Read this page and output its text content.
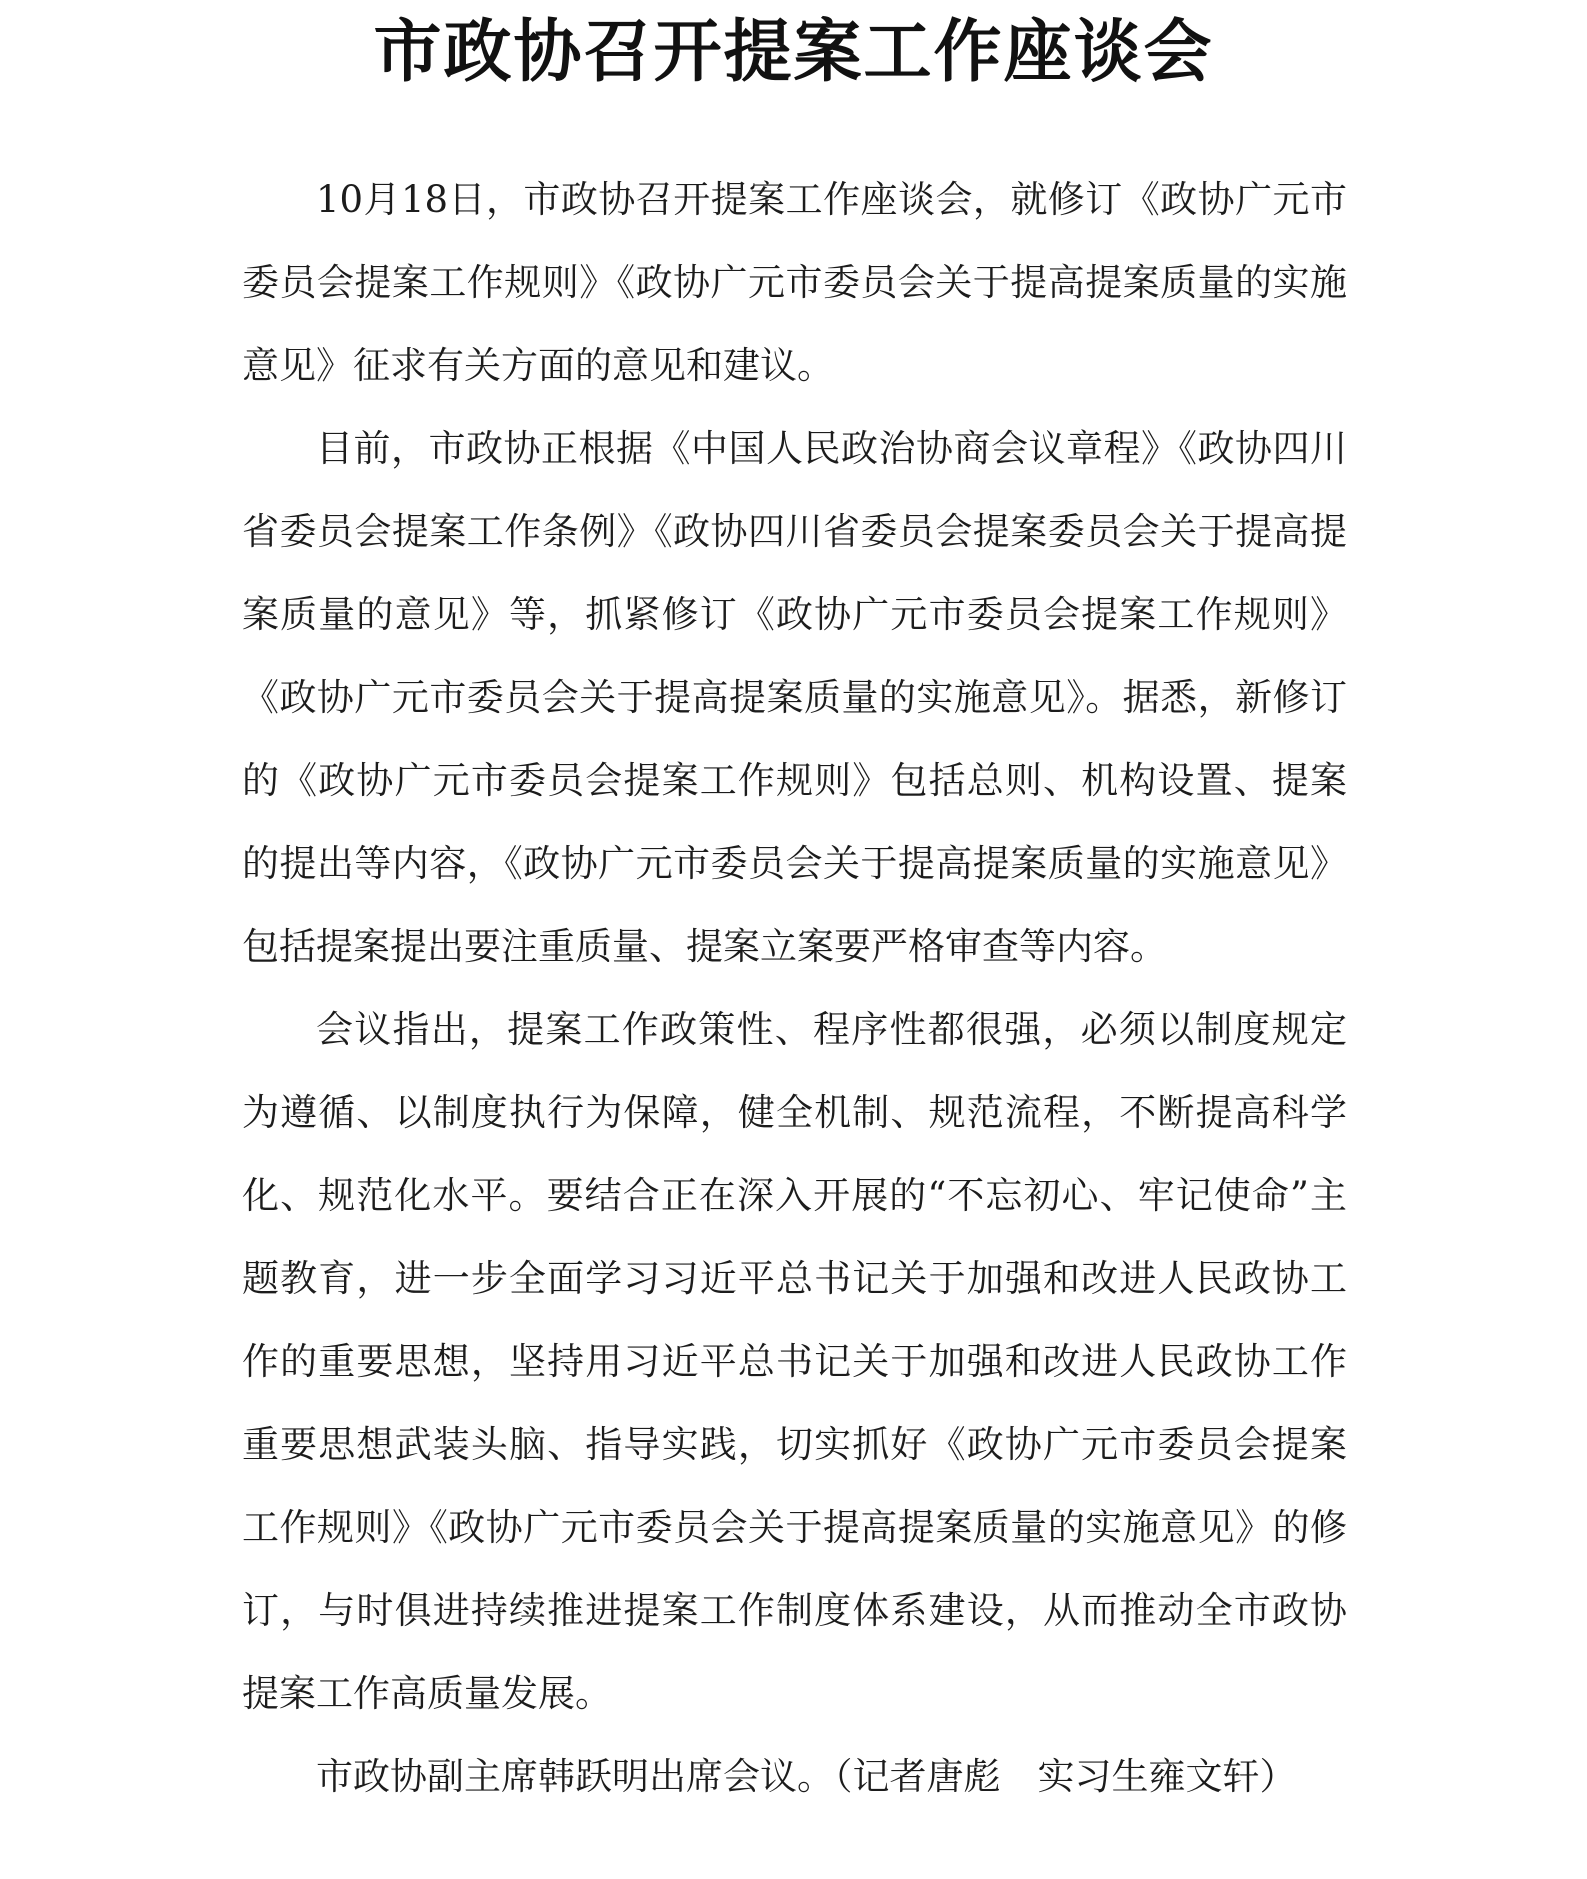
市政协召开提案工作座谈会

10月18日，市政协召开提案工作座谈会，就修订《政协广元市委员会提案工作规则》《政协广元市委员会关于提高提案质量的实施意见》征求有关方面的意见和建议。

目前，市政协正根据《中国人民政治协商会议章程》《政协四川省委员会提案工作条例》《政协四川省委员会提案委员会关于提高提案质量的意见》等，抓紧修订《政协广元市委员会提案工作规则》《政协广元市委员会关于提高提案质量的实施意见》。据悉，新修订的《政协广元市委员会提案工作规则》包括总则、机构设置、提案的提出等内容，《政协广元市委员会关于提高提案质量的实施意见》包括提案提出要注重质量、提案立案要严格审查等内容。

会议指出，提案工作政策性、程序性都很强，必须以制度规定为遵循、以制度执行为保障，健全机制、规范流程，不断提高科学化、规范化水平。要结合正在深入开展的“不忘初心、牢记使命”主题教育，进一步全面学习习近平总书记关于加强和改进人民政协工作的重要思想，坚持用习近平总书记关于加强和改进人民政协工作重要思想武装头脑、指导实践，切实抓好《政协广元市委员会提案工作规则》《政协广元市委员会关于提高提案质量的实施意见》的修订，与时俱进持续推进提案工作制度体系建设，从而推动全市政协提案工作高质量发展。

市政协副主席韩跃明出席会议。（记者唐彪　实习生雍文轩）
